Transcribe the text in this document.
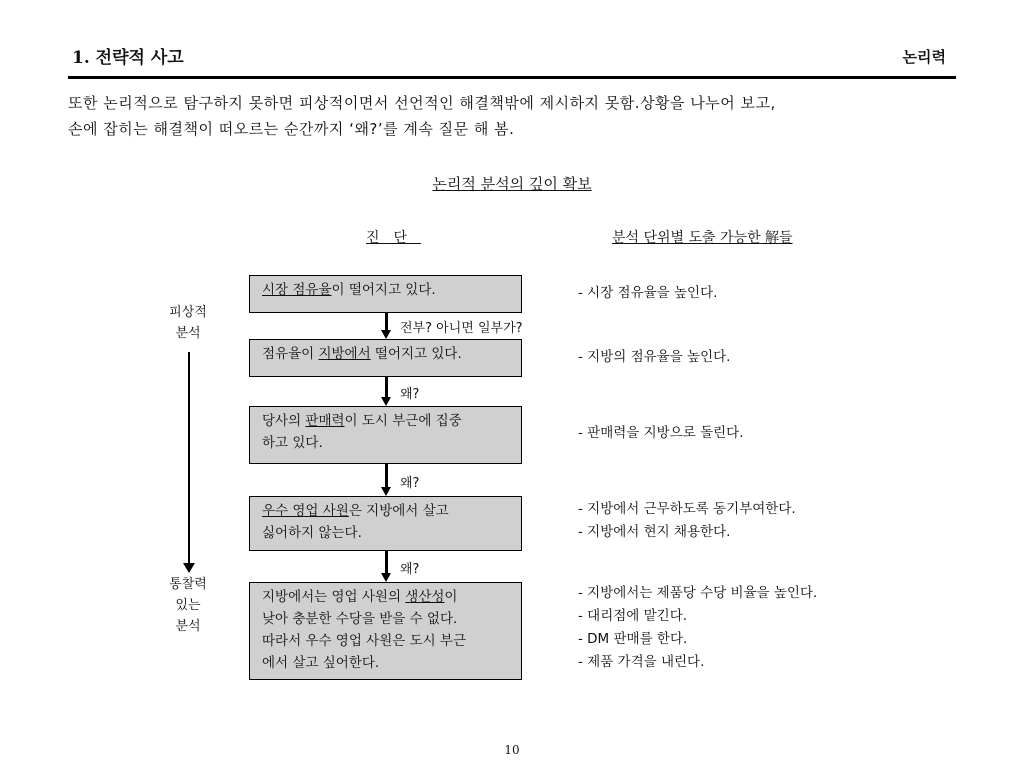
1. 전략적 사고	논리력
또한 논리적으로 탐구하지 못하면 피상적이면서 선언적인 해결책밖에 제시하지 못함.상황을 나누어 보고,
손에 잡히는 해결책이 떠오르는 순간까지 ‘왜?’를 계속 질문 해 봄.
논리적 분석의 깊이 확보
진단	분석 단위별 도출 가능한 解들
피상적
분석
통찰력
있는
분석
시장 점유율이 떨어지고 있다.
점유율이 지방에서 떨어지고 있다.
당사의 판매력이 도시 부근에 집중
하고 있다.
우수 영업 사원은 지방에서 살고
싫어하지 않는다.
지방에서는 영업 사원의 생산성이
낮아 충분한 수당을 받을 수 없다.
따라서 우수 영업 사원은 도시 부근
에서 살고 싶어한다.
전부? 아니면 일부가?
왜?
왜?
왜?
- 시장 점유율을 높인다.
- 지방의 점유율을 높인다.
- 판매력을 지방으로 돌린다.
- 지방에서 근무하도록 동기부여한다.
- 지방에서 현지 채용한다.
- 지방에서는 제품당 수당 비율을 높인다.
- 대리점에 맡긴다.
- DM 판매를 한다.
- 제품 가격을 내린다.
10
